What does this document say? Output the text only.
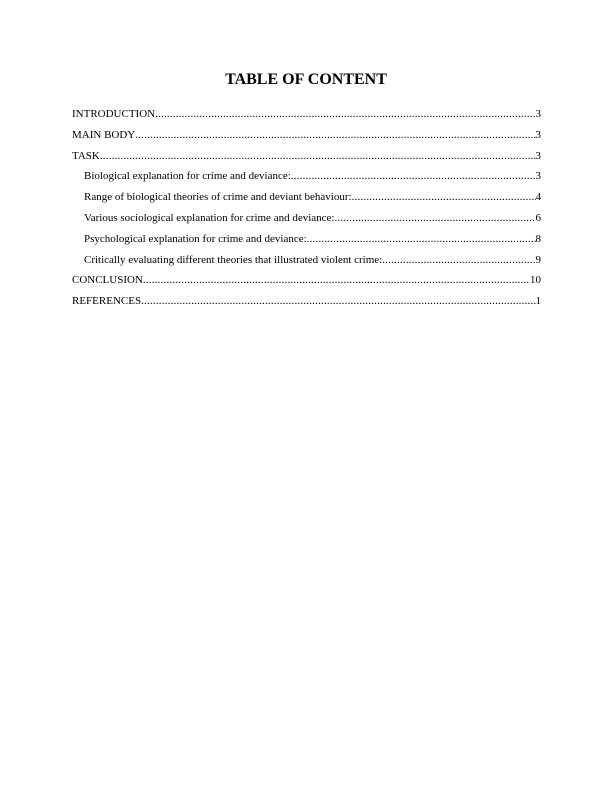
TABLE OF CONTENT
INTRODUCTION .....	3
MAIN BODY .....	3
TASK .....	3
Biological explanation for crime and deviance: .....	3
Range of biological theories of crime and deviant behaviour: .....	4
Various sociological explanation for crime and deviance: .....	6
Psychological explanation for crime and deviance: .....	8
Critically evaluating different theories that illustrated violent crime: .....	9
CONCLUSION .....	10
REFERENCES .....	1
